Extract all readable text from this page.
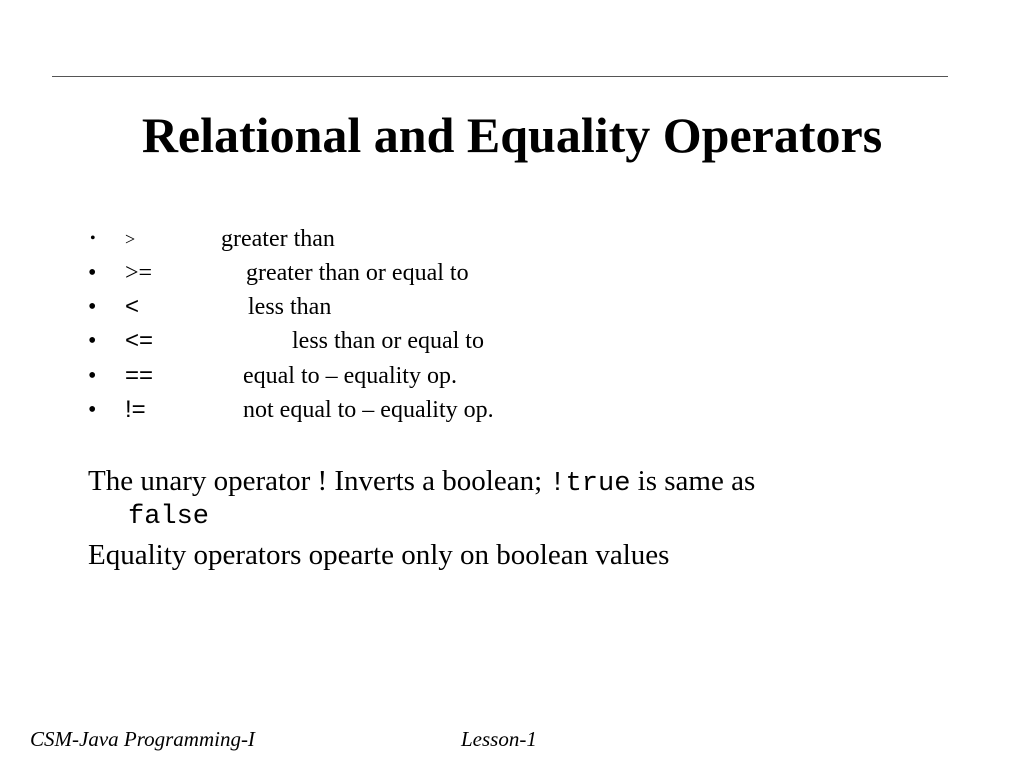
Relational and Equality Operators
• >	greater than
• >=	greater than or equal to
• <	less than
• <=	less than or equal to
• ==	equal to – equality op.
• !=	not equal to – equality op.
The unary operator ! Inverts a boolean; !true is same as
false
Equality operators opearte only on boolean values
CSM-Java Programming-I	Lesson-1
